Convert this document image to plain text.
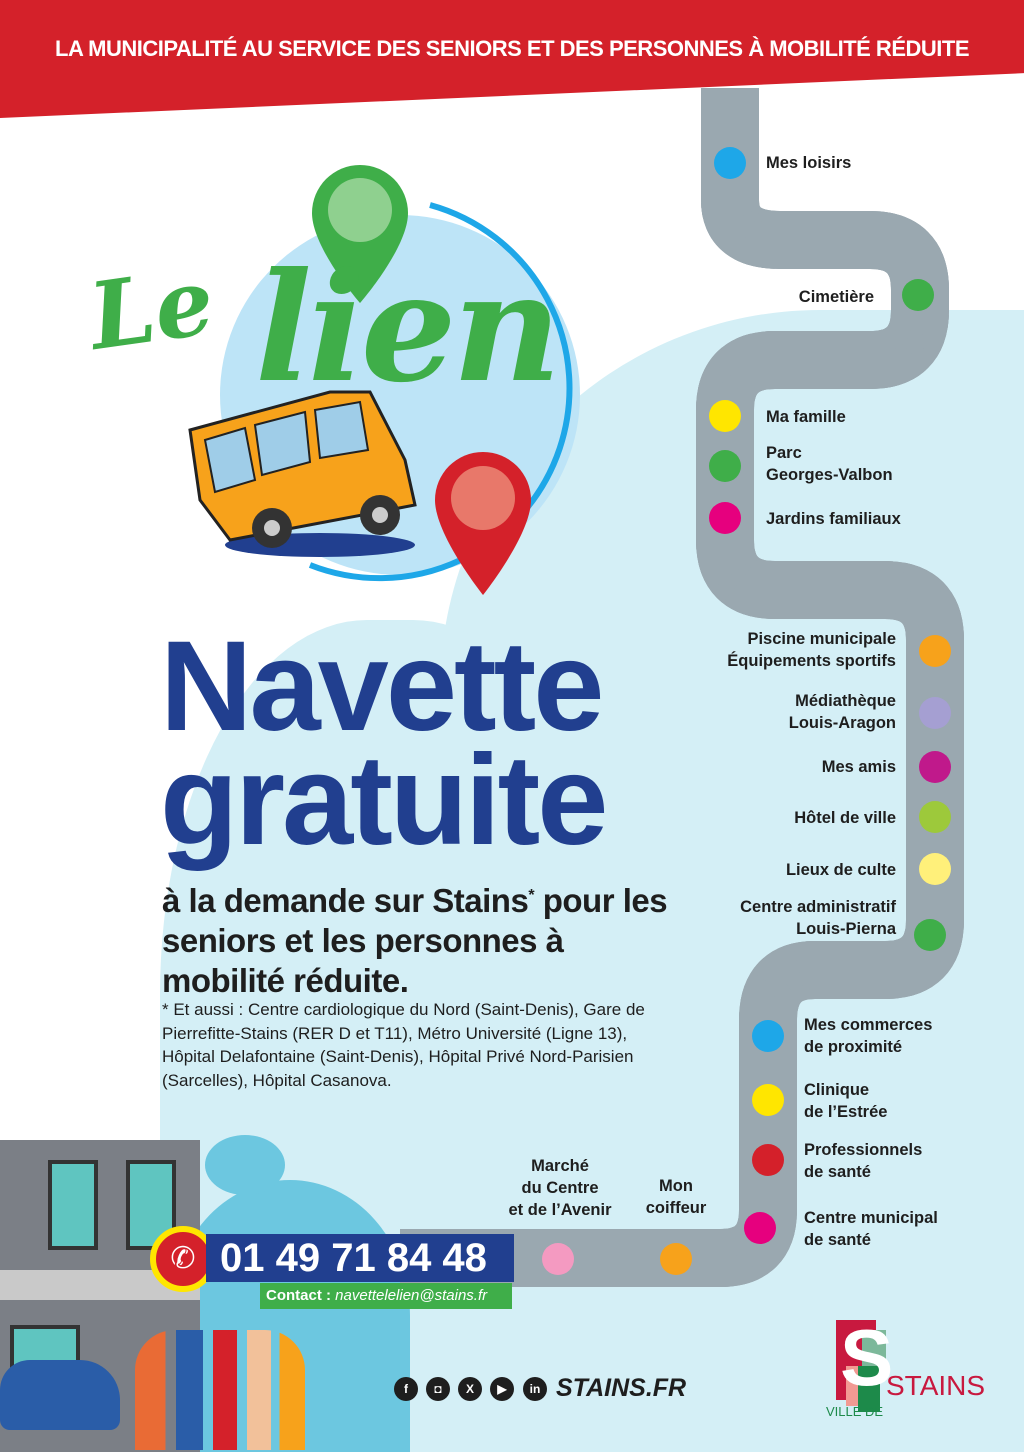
LA MUNICIPALITÉ AU SERVICE DES SENIORS ET DES PERSONNES À MOBILITÉ RÉDUITE
Le lien
Navette
gratuite
à la demande sur Stains* pour les seniors et les personnes à mobilité réduite.
* Et aussi : Centre cardiologique du Nord (Saint-Denis), Gare de Pierrefitte-Stains (RER D et T11), Métro Université (Ligne 13), Hôpital Delafontaine (Saint-Denis), Hôpital Privé Nord-Parisien (Sarcelles), Hôpital Casanova.
Mes loisirs
Cimetière
Ma famille
Parc
Georges-Valbon
Jardins familiaux
Piscine municipale
Équipements sportifs
Médiathèque
Louis-Aragon
Mes amis
Hôtel de ville
Lieux de culte
Centre administratif
Louis-Pierna
Mes commerces
de proximité
Clinique
de l’Estrée
Professionnels
de santé
Centre municipal
de santé
Mon
coiffeur
Marché
du Centre
et de l’Avenir
✆ 01 49 71 84 48
Contact : navettelelien@stains.fr
f	◘	X	▶	in STAINS.FR S
STAINS
VILLE DE
